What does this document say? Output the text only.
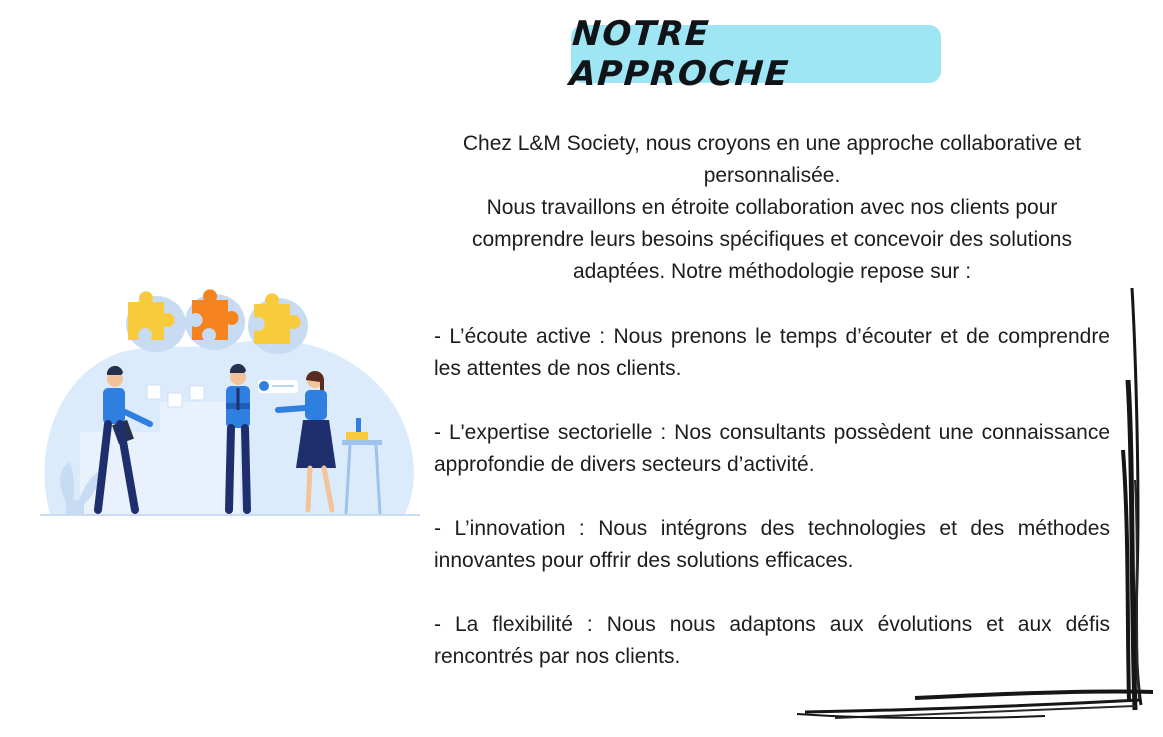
NOTRE APPROCHE

Chez L&M Society, nous croyons en une approche collaborative et personnalisée.

Nous travaillons en étroite collaboration avec nos clients pour comprendre leurs besoins spécifiques et concevoir des solutions adaptées. Notre méthodologie repose sur :

- L’écoute active : Nous prenons le temps d’écouter et de comprendre les attentes de nos clients.

- L'expertise sectorielle : Nos consultants possèdent une connaissance approfondie de divers secteurs d’activité.

- L’innovation : Nous intégrons des technologies et des méthodes innovantes pour offrir des solutions efficaces.

- La flexibilité : Nous nous adaptons aux évolutions et aux défis rencontrés par nos clients.
